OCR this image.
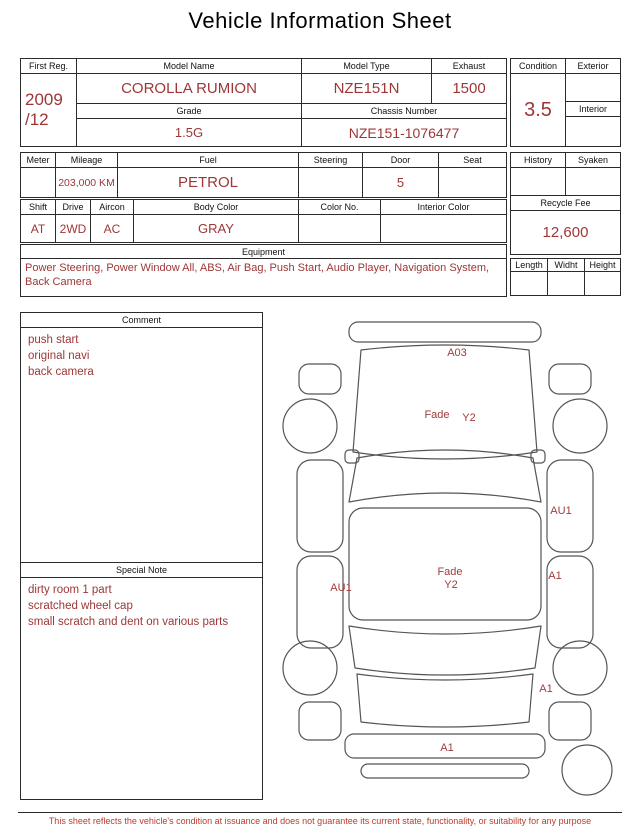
Vehicle Information Sheet
First Reg.	Model Name	Model Type	Exhaust

2009
/12	COROLLA RUMION	NZE151N	1500
	Grade	Chassis Number	
	1.5G	NZE151-1076477	
Condition	Exterior
3.5	
	Interior

Meter	Mileage	Fuel	Steering	Door	Seat
	203,000 KM	PETROL		5	
Shift	Drive	Aircon	Body Color	Color No.	Interior Color
AT	2WD	AC	GRAY		
Equipment
Power Steering, Power Window All, ABS, Air Bag, Push Start, Audio Player, Navigation System, Back Camera
History	Syaken

Recycle Fee	
12,600	
Length	Widht	Height

Comment
push start
original navi
back camera
Special Note
dirty room 1 part
scratched wheel cap
small scratch and dent on various parts
A03
Fade Y2
AU1
A1
Fade
Y2
AU1
A1
A1
This sheet reflects the vehicle's condition at issuance and does not guarantee its current state, functionality, or suitability for any purpose
